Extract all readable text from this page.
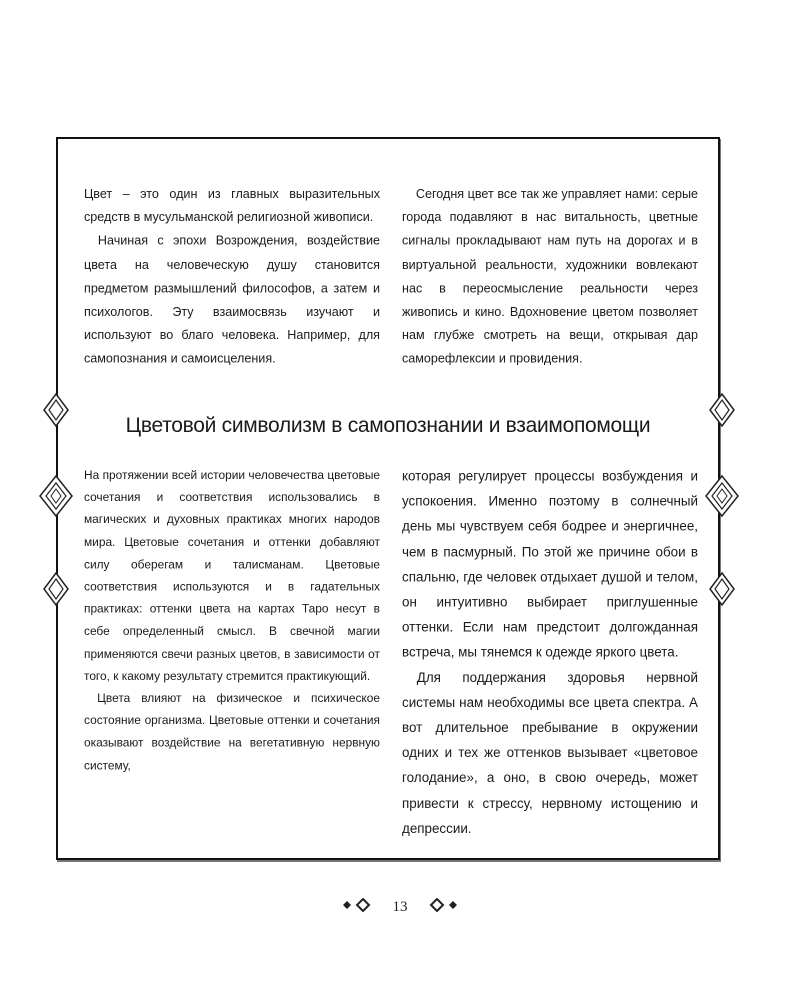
Цвет – это один из главных выразительных средств в мусульманской религиозной живописи.

Начиная с эпохи Возрождения, воздействие цвета на человеческую душу становится предметом размышлений философов, а затем и психологов. Эту взаимосвязь изучают и используют во благо человека. Например, для самопознания и самоисцеления.

Сегодня цвет все так же управляет нами: серые города подавляют в нас витальность, цветные сигналы прокладывают нам путь на дорогах и в виртуальной реальности, художники вовлекают нас в переосмысление реальности через живопись и кино. Вдохновение цветом позволяет нам глубже смотреть на вещи, открывая дар саморефлексии и провидения.

Цветовой символизм в самопознании и взаимопомощи

На протяжении всей истории человечества цветовые сочетания и соответствия использовались в магических и духовных практиках многих народов мира. Цветовые сочетания и оттенки добавляют силу оберегам и талисманам. Цветовые соответствия используются и в гадательных практиках: оттенки цвета на картах Таро несут в себе определенный смысл. В свечной магии применяются свечи разных цветов, в зависимости от того, к какому результату стремится практикующий.

Цвета влияют на физическое и психическое состояние организма. Цветовые оттенки и сочетания оказывают воздействие на вегетативную нервную систему,

которая регулирует процессы возбуждения и успокоения. Именно поэтому в солнечный день мы чувствуем себя бодрее и энергичнее, чем в пасмурный. По этой же причине обои в спальню, где человек отдыхает душой и телом, он интуитивно выбирает приглушенные оттенки. Если нам предстоит долгожданная встреча, мы тянемся к одежде яркого цвета.

Для поддержания здоровья нервной системы нам необходимы все цвета спектра. А вот длительное пребывание в окружении одних и тех же оттенков вызывает «цветовое голодание», а оно, в свою очередь, может привести к стрессу, нервному истощению и депрессии.

13
